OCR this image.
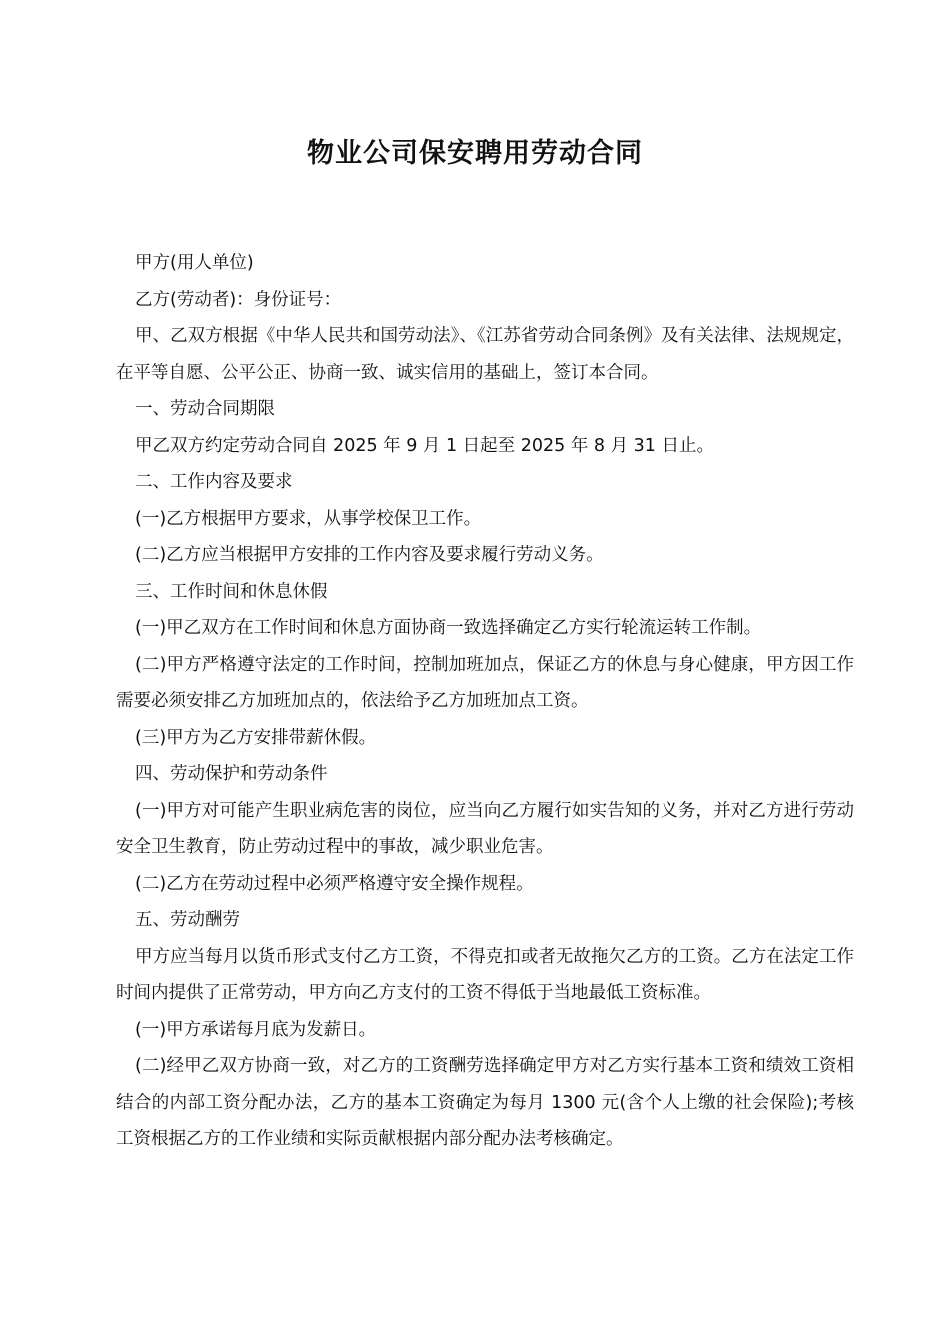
物业公司保安聘用劳动合同

甲方(用人单位)

乙方(劳动者)：身份证号：

甲、乙双方根据《中华人民共和国劳动法》、《江苏省劳动合同条例》及有关法律、法规规定，在平等自愿、公平公正、协商一致、诚实信用的基础上，签订本合同。

一、劳动合同期限

甲乙双方约定劳动合同自 2025 年 9 月 1 日起至 2025 年 8 月 31 日止。

二、工作内容及要求

(一)乙方根据甲方要求，从事学校保卫工作。

(二)乙方应当根据甲方安排的工作内容及要求履行劳动义务。

三、工作时间和休息休假

(一)甲乙双方在工作时间和休息方面协商一致选择确定乙方实行轮流运转工作制。

(二)甲方严格遵守法定的工作时间，控制加班加点，保证乙方的休息与身心健康，甲方因工作需要必须安排乙方加班加点的，依法给予乙方加班加点工资。

(三)甲方为乙方安排带薪休假。

四、劳动保护和劳动条件

(一)甲方对可能产生职业病危害的岗位，应当向乙方履行如实告知的义务，并对乙方进行劳动安全卫生教育，防止劳动过程中的事故，减少职业危害。

(二)乙方在劳动过程中必须严格遵守安全操作规程。

五、劳动酬劳

甲方应当每月以货币形式支付乙方工资，不得克扣或者无故拖欠乙方的工资。乙方在法定工作时间内提供了正常劳动，甲方向乙方支付的工资不得低于当地最低工资标准。

(一)甲方承诺每月底为发薪日。

(二)经甲乙双方协商一致，对乙方的工资酬劳选择确定甲方对乙方实行基本工资和绩效工资相结合的内部工资分配办法，乙方的基本工资确定为每月 1300 元(含个人上缴的社会保险);考核工资根据乙方的工作业绩和实际贡献根据内部分配办法考核确定。
